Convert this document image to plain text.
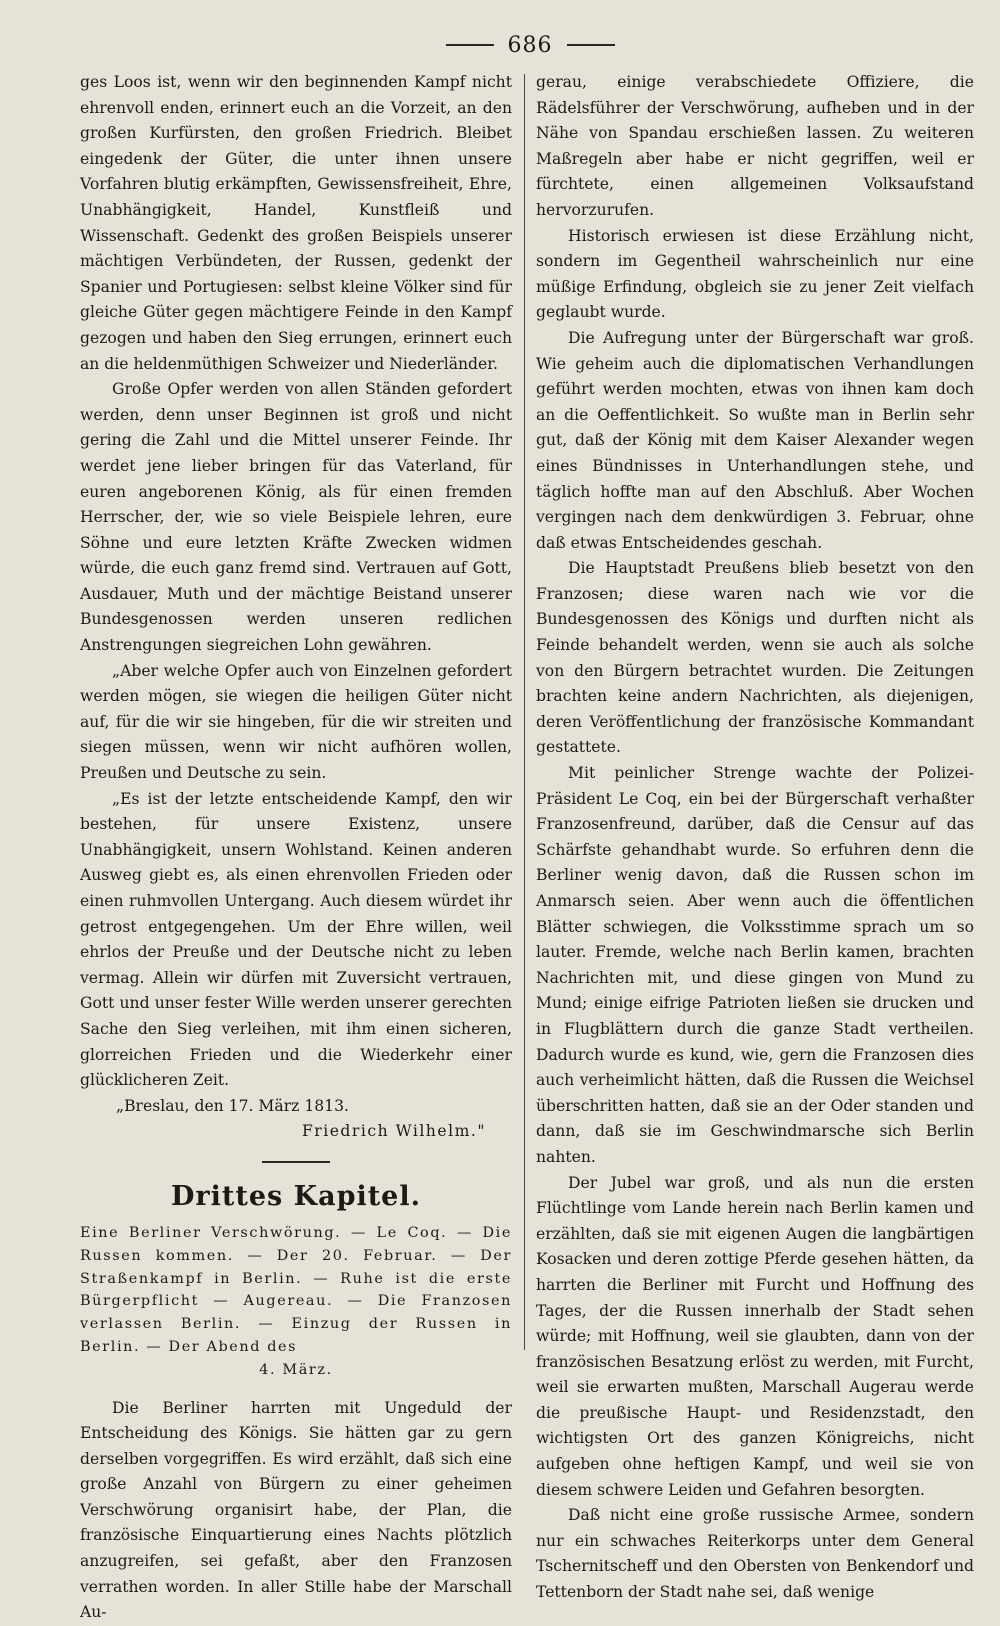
686

ges Loos ist, wenn wir den beginnenden Kampf nicht ehrenvoll enden, erinnert euch an die Vorzeit, an den großen Kurfürsten, den großen Friedrich. Bleibet eingedenk der Güter, die unter ihnen unsere Vorfahren blutig erkämpften, Gewissensfreiheit, Ehre, Unabhängigkeit, Handel, Kunstfleiß und Wissenschaft. Gedenkt des großen Beispiels unserer mächtigen Verbündeten, der Russen, gedenkt der Spanier und Portugiesen: selbst kleine Völker sind für gleiche Güter gegen mächtigere Feinde in den Kampf gezogen und haben den Sieg errungen, erinnert euch an die heldenmüthigen Schweizer und Niederländer.

Große Opfer werden von allen Ständen gefordert werden, denn unser Beginnen ist groß und nicht gering die Zahl und die Mittel unserer Feinde. Ihr werdet jene lieber bringen für das Vaterland, für euren angeborenen König, als für einen fremden Herrscher, der, wie so viele Beispiele lehren, eure Söhne und eure letzten Kräfte Zwecken widmen würde, die euch ganz fremd sind. Vertrauen auf Gott, Ausdauer, Muth und der mächtige Beistand unserer Bundesgenossen werden unseren redlichen Anstrengungen siegreichen Lohn gewähren.

„Aber welche Opfer auch von Einzelnen gefordert werden mögen, sie wiegen die heiligen Güter nicht auf, für die wir sie hingeben, für die wir streiten und siegen müssen, wenn wir nicht aufhören wollen, Preußen und Deutsche zu sein.

„Es ist der letzte entscheidende Kampf, den wir bestehen, für unsere Existenz, unsere Unabhängigkeit, unsern Wohlstand. Keinen anderen Ausweg giebt es, als einen ehrenvollen Frieden oder einen ruhmvollen Untergang. Auch diesem würdet ihr getrost entgegengehen. Um der Ehre willen, weil ehrlos der Preuße und der Deutsche nicht zu leben vermag. Allein wir dürfen mit Zuversicht vertrauen, Gott und unser fester Wille werden unserer gerechten Sache den Sieg verleihen, mit ihm einen sicheren, glorreichen Frieden und die Wiederkehr einer glücklicheren Zeit.

„Breslau, den 17. März 1813.

Friedrich Wilhelm."

Drittes Kapitel.

Eine Berliner Verschwörung. — Le Coq. — Die Russen kommen. — Der 20. Februar. — Der Straßenkampf in Berlin. — Ruhe ist die erste Bürgerpflicht — Augereau. — Die Franzosen verlassen Berlin. — Einzug der Russen in Berlin. — Der Abend des
4. März.

Die Berliner harrten mit Ungeduld der Entscheidung des Königs. Sie hätten gar zu gern derselben vorgegriffen. Es wird erzählt, daß sich eine große Anzahl von Bürgern zu einer geheimen Verschwörung organisirt habe, der Plan, die französische Einquartierung eines Nachts plötzlich anzugreifen, sei gefaßt, aber den Franzosen verrathen worden. In aller Stille habe der Marschall Au-

gerau, einige verabschiedete Offiziere, die Rädelsführer der Verschwörung, aufheben und in der Nähe von Spandau erschießen lassen. Zu weiteren Maßregeln aber habe er nicht gegriffen, weil er fürchtete, einen allgemeinen Volksaufstand hervorzurufen.

Historisch erwiesen ist diese Erzählung nicht, sondern im Gegentheil wahrscheinlich nur eine müßige Erfindung, obgleich sie zu jener Zeit vielfach geglaubt wurde.

Die Aufregung unter der Bürgerschaft war groß. Wie geheim auch die diplomatischen Verhandlungen geführt werden mochten, etwas von ihnen kam doch an die Oeffentlichkeit. So wußte man in Berlin sehr gut, daß der König mit dem Kaiser Alexander wegen eines Bündnisses in Unterhandlungen stehe, und täglich hoffte man auf den Abschluß. Aber Wochen vergingen nach dem denkwürdigen 3. Februar, ohne daß etwas Entscheidendes geschah.

Die Hauptstadt Preußens blieb besetzt von den Franzosen; diese waren nach wie vor die Bundesgenossen des Königs und durften nicht als Feinde behandelt werden, wenn sie auch als solche von den Bürgern betrachtet wurden. Die Zeitungen brachten keine andern Nachrichten, als diejenigen, deren Veröffentlichung der französische Kommandant gestattete.

Mit peinlicher Strenge wachte der Polizei-Präsident Le Coq, ein bei der Bürgerschaft verhaßter Franzosenfreund, darüber, daß die Censur auf das Schärfste gehandhabt wurde. So erfuhren denn die Berliner wenig davon, daß die Russen schon im Anmarsch seien. Aber wenn auch die öffentlichen Blätter schwiegen, die Volksstimme sprach um so lauter. Fremde, welche nach Berlin kamen, brachten Nachrichten mit, und diese gingen von Mund zu Mund; einige eifrige Patrioten ließen sie drucken und in Flugblättern durch die ganze Stadt vertheilen. Dadurch wurde es kund, wie, gern die Franzosen dies auch verheimlicht hätten, daß die Russen die Weichsel überschritten hatten, daß sie an der Oder standen und dann, daß sie im Geschwindmarsche sich Berlin nahten.

Der Jubel war groß, und als nun die ersten Flüchtlinge vom Lande herein nach Berlin kamen und erzählten, daß sie mit eigenen Augen die langbärtigen Kosacken und deren zottige Pferde gesehen hätten, da harrten die Berliner mit Furcht und Hoffnung des Tages, der die Russen innerhalb der Stadt sehen würde; mit Hoffnung, weil sie glaubten, dann von der französischen Besatzung erlöst zu werden, mit Furcht, weil sie erwarten mußten, Marschall Augerau werde die preußische Haupt- und Residenzstadt, den wichtigsten Ort des ganzen Königreichs, nicht aufgeben ohne heftigen Kampf, und weil sie von diesem schwere Leiden und Gefahren besorgten.

Daß nicht eine große russische Armee, sondern nur ein schwaches Reiterkorps unter dem General Tschernitscheff und den Obersten von Benkendorf und Tettenborn der Stadt nahe sei, daß wenige
